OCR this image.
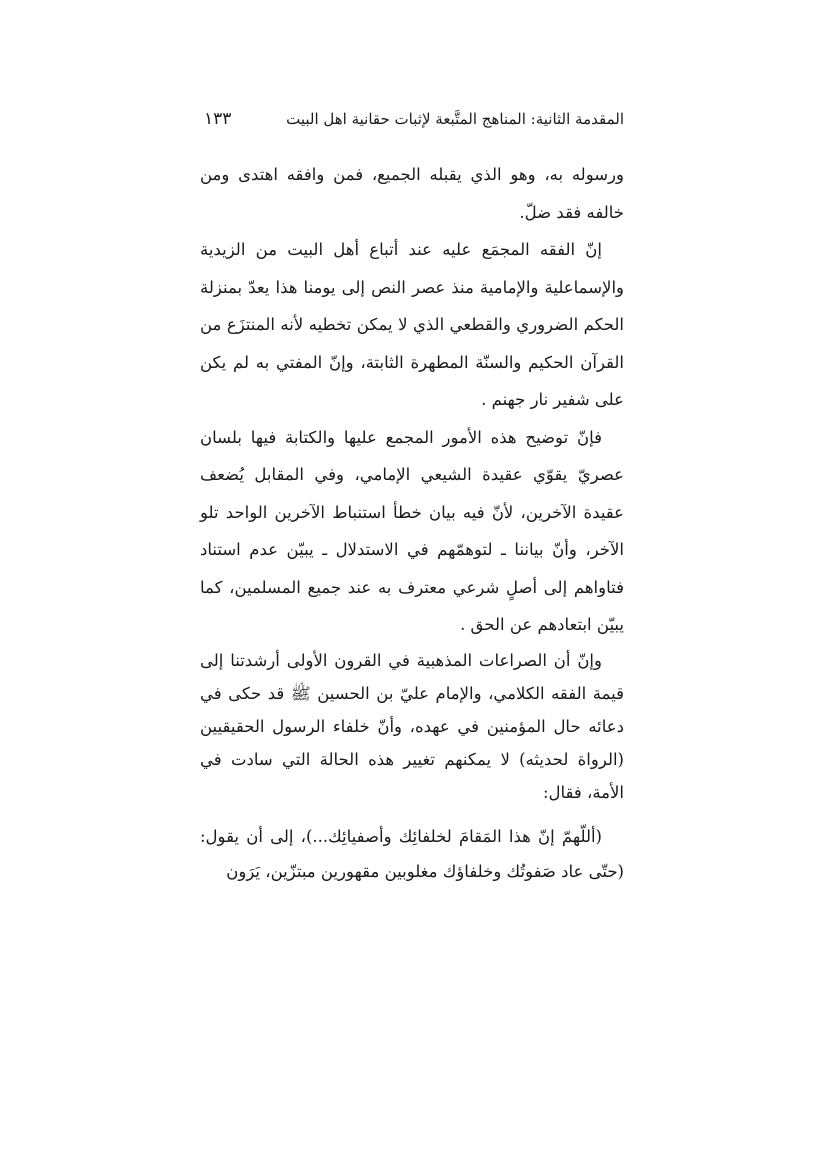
المقدمة الثانية: المناهج المتَّبعة لإثبات حقانية اهل البيت
١٣٣

ورسوله به، وهو الذي يقبله الجميع، فمن وافقه اهتدى ومن خالفه فقد ضلّ.

إنّ الفقه المجمَع عليه عند أتباع أهل البيت من الزيدية والإسماعلية والإمامية منذ عصر النص إلى يومنا هذا يعدّ بمنزلة الحكم الضروري والقطعي الذي لا يمكن تخطيه لأنه المنتزَع من القرآن الحكيم والسنّة المطهرة الثابتة، وإنّ المفتي به لم يكن على شفير نار جهنم .

فإنّ توضيح هذه الأمور المجمع عليها والكتابة فيها بلسان عصريّ يقوّي عقيدة الشيعي الإمامي، وفي المقابل يُضعف عقيدة الآخرين، لأنّ فيه بيان خطأ استنباط الآخرين الواحد تلو الآخر، وأنّ بياننا ـ لتوهمّهم في الاستدلال ـ يبيّن عدم استناد فتاواهم إلى أصلٍ شرعي معترف به عند جميع المسلمين، كما يبيّن ابتعادهم عن الحق .

وإنّ أن الصراعات المذهبية في القرون الأولى أرشدتنا إلى قيمة الفقه الكلامي، والإمام عليّ بن الحسين ﷺ قد حكى في دعائه حال المؤمنين في عهده، وأنّ خلفاء الرسول الحقيقيين (الرواة لحديثه) لا يمكنهم تغيير هذه الحالة التي سادت في الأمة، فقال:

(أللّهمّ إنّ هذا المَقامَ لخلفائِك وأصفيائِك...)، إلى أن يقول: (حتّى عاد صَفوتُك وخلفاؤك مغلوبين مقهورين مبتزّين، يَرَون
